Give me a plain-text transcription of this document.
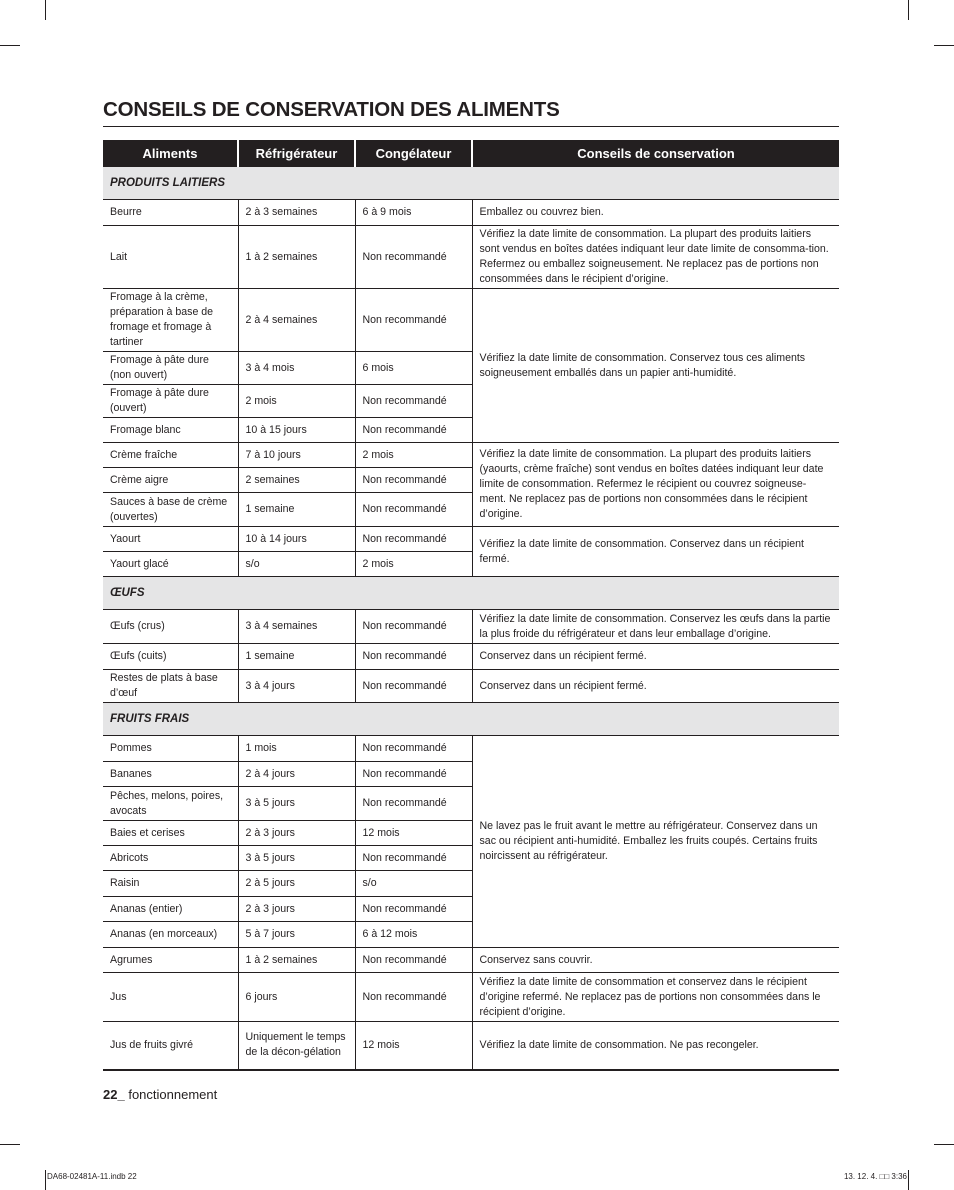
CONSEILS DE CONSERVATION DES ALIMENTS
Aliments	Réfrigérateur	Congélateur	Conseils de conservation
PRODUITS LAITIERS			
Beurre	2 à 3 semaines	6 à 9 mois	Emballez ou couvrez bien.
Lait	1 à 2 semaines	Non recommandé	Vérifiez la date limite de consommation. La plupart des produits laitiers sont vendus en boîtes datées indiquant leur date limite de consomma-tion. Refermez ou emballez soigneusement. Ne replacez pas de portions non consommées dans le récipient d’origine.
Fromage à la crème, préparation à base de fromage et fromage à tartiner	2 à 4 semaines	Non recommandé	Vérifiez la date limite de consommation. Conservez tous ces aliments soigneusement emballés dans un papier anti-humidité.
Fromage à pâte dure (non ouvert)	3 à 4 mois	6 mois	
Fromage à pâte dure (ouvert)	2 mois	Non recommandé	
Fromage blanc	10 à 15 jours	Non recommandé	
Crème fraîche	7 à 10 jours	2 mois	Vérifiez la date limite de consommation. La plupart des produits laitiers (yaourts, crème fraîche) sont vendus en boîtes datées indiquant leur date limite de consommation. Refermez le récipient ou couvrez soigneuse-ment. Ne replacez pas de portions non consommées dans le récipient d’origine.
Crème aigre	2 semaines	Non recommandé	
Sauces à base de crème (ouvertes)	1 semaine	Non recommandé	
Yaourt	10 à 14 jours	Non recommandé	Vérifiez la date limite de consommation. Conservez dans un récipient fermé.
Yaourt glacé	s/o	2 mois	
ŒUFS			
Œufs (crus)	3 à 4 semaines	Non recommandé	Vérifiez la date limite de consommation. Conservez les œufs dans la partie la plus froide du réfrigérateur et dans leur emballage d’origine.
Œufs (cuits)	1 semaine	Non recommandé	Conservez dans un récipient fermé.
Restes de plats à base d’œuf	3 à 4 jours	Non recommandé	Conservez dans un récipient fermé.
FRUITS FRAIS			
Pommes	1 mois	Non recommandé	Ne lavez pas le fruit avant le mettre au réfrigérateur. Conservez dans un sac ou récipient anti-humidité. Emballez les fruits coupés. Certains fruits noircissent au réfrigérateur.
Bananes	2 à 4 jours	Non recommandé	
Pêches, melons, poires, avocats	3 à 5 jours	Non recommandé	
Baies et cerises	2 à 3 jours	12 mois	
Abricots	3 à 5 jours	Non recommandé	
Raisin	2 à 5 jours	s/o	
Ananas (entier)	2 à 3 jours	Non recommandé	
Ananas (en morceaux)	5 à 7 jours	6 à 12 mois	
Agrumes	1 à 2 semaines	Non recommandé	Conservez sans couvrir.
Jus	6 jours	Non recommandé	Vérifiez la date limite de consommation et conservez dans le récipient d’origine refermé. Ne replacez pas de portions non consommées dans le récipient d’origine.
Jus de fruits givré	Uniquement le temps de la décon-gélation	12 mois	Vérifiez la date limite de consommation. Ne pas recongeler.
22_ fonctionnement
DA68-02481A-11.indb 22	13. 12. 4. □□ 3:36
